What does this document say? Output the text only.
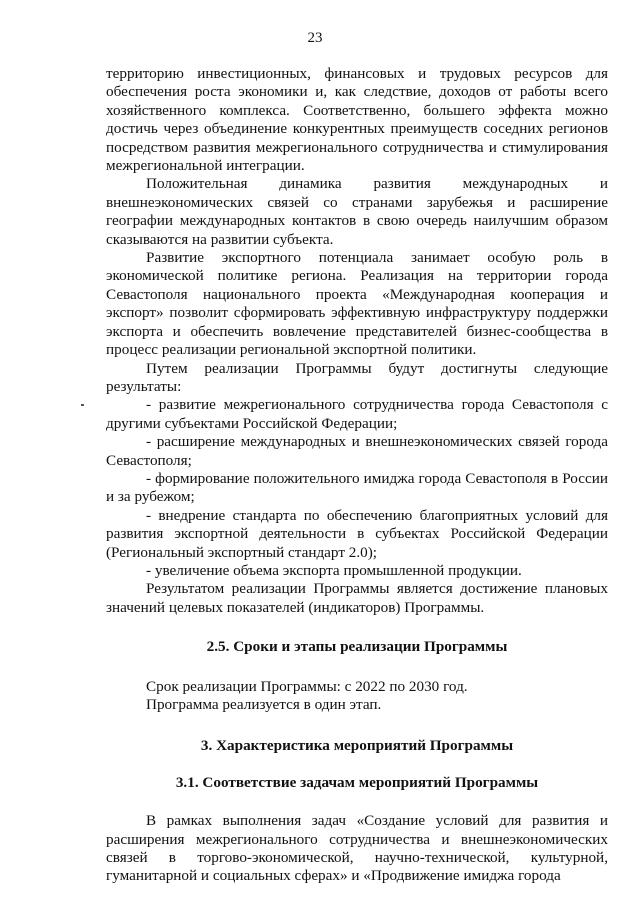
23

территорию инвестиционных, финансовых и трудовых ресурсов для обеспечения роста экономики и, как следствие, доходов от работы всего хозяйственного комплекса. Соответственно, большего эффекта можно достичь через объединение конкурентных преимуществ соседних регионов посредством развития межрегионального сотрудничества и стимулирования межрегиональной интеграции.

Положительная динамика развития международных и внешнеэкономических связей со странами зарубежья и расширение географии международных контактов в свою очередь наилучшим образом сказываются на развитии субъекта.

Развитие экспортного потенциала занимает особую роль в экономической политике региона. Реализация на территории города Севастополя национального проекта «Международная кооперация и экспорт» позволит сформировать эффективную инфраструктуру поддержки экспорта и обеспечить вовлечение представителей бизнес-сообщества в процесс реализации региональной экспортной политики.

Путем реализации Программы будут достигнуты следующие результаты:

- развитие межрегионального сотрудничества города Севастополя с другими субъектами Российской Федерации;

- расширение международных и внешнеэкономических связей города Севастополя;

- формирование положительного имиджа города Севастополя в России и за рубежом;

- внедрение стандарта по обеспечению благоприятных условий для развития экспортной деятельности в субъектах Российской Федерации (Региональный экспортный стандарт 2.0);

- увеличение объема экспорта промышленной продукции.

Результатом реализации Программы является достижение плановых значений целевых показателей (индикаторов) Программы.

2.5. Сроки и этапы реализации Программы

Срок реализации Программы: с 2022 по 2030 год.

Программа реализуется в один этап.

3. Характеристика мероприятий Программы

3.1. Соответствие задачам мероприятий Программы

В рамках выполнения задач «Создание условий для развития и расширения межрегионального сотрудничества и внешнеэкономических связей в торгово-экономической, научно-технической, культурной, гуманитарной и социальных сферах» и «Продвижение имиджа города
